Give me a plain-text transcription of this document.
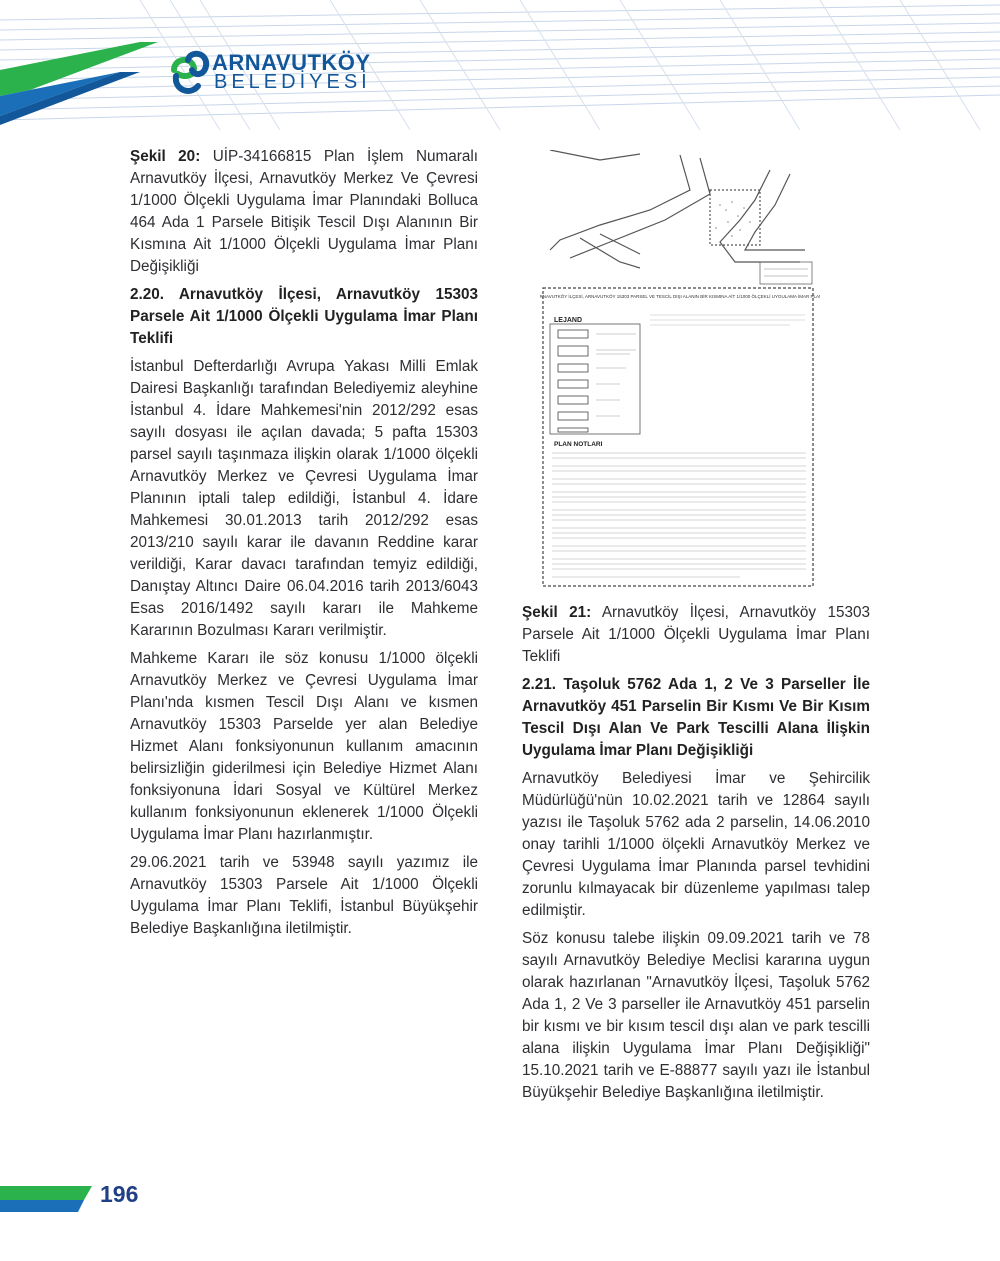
ARNAVUTKÖY
BELEDİYESİ

Şekil 20: UİP-34166815 Plan İşlem Numaralı Arnavutköy İlçesi, Arnavutköy Merkez Ve Çevresi 1/1000 Ölçekli Uygulama İmar Planındaki Bolluca 464 Ada 1 Parsele Bitişik Tescil Dışı Alanının Bir Kısmına Ait 1/1000 Ölçekli Uygulama İmar Planı Değişikliği

2.20. Arnavutköy İlçesi, Arnavutköy 15303 Parsele Ait 1/1000 Ölçekli Uygulama İmar Planı Teklifi

İstanbul Defterdarlığı Avrupa Yakası Milli Emlak Dairesi Başkanlığı tarafından Belediyemiz aleyhine İstanbul 4. İdare Mahkemesi'nin 2012/292 esas sayılı dosyası ile açılan davada; 5 pafta 15303 parsel sayılı taşınmaza ilişkin olarak 1/1000 ölçekli Arnavutköy Merkez ve Çevresi Uygulama İmar Planının iptali talep edildiği, İstanbul 4. İdare Mahkemesi 30.01.2013 tarih 2012/292 esas 2013/210 sayılı karar ile davanın Reddine karar verildiği, Karar davacı tarafından temyiz edildiği, Danıştay Altıncı Daire 06.04.2016 tarih 2013/6043 Esas 2016/1492 sayılı kararı ile Mahkeme Kararının Bozulması Kararı verilmiştir.

Mahkeme Kararı ile söz konusu 1/1000 ölçekli Arnavutköy Merkez ve Çevresi Uygulama İmar Planı'nda kısmen Tescil Dışı Alanı ve kısmen Arnavutköy 15303 Parselde yer alan Belediye Hizmet Alanı fonksiyonunun kullanım amacının belirsizliğin giderilmesi için Belediye Hizmet Alanı fonksiyonuna İdari Sosyal ve Kültürel Merkez kullanım fonksiyonunun eklenerek 1/1000 Ölçekli Uygulama İmar Planı hazırlanmıştır.

29.06.2021 tarih ve 53948 sayılı yazımız ile Arnavutköy 15303 Parsele Ait 1/1000 Ölçekli Uygulama İmar Planı Teklifi, İstanbul Büyükşehir Belediye Başkanlığına iletilmiştir.

ARNAVUTKÖY İLÇESİ, ARNAVUTKÖY 15303 PARSEL VE TESCİL DIŞI ALANIN BİR KISMINA AİT 1/1000 ÖLÇEKLİ UYGULAMA İMAR PLANI
LEJAND
PLAN NOTLARI

Şekil 21: Arnavutköy İlçesi, Arnavutköy 15303 Parsele Ait 1/1000 Ölçekli Uygulama İmar Planı Teklifi

2.21. Taşoluk 5762 Ada 1, 2 Ve 3 Parseller İle Arnavutköy 451 Parselin Bir Kısmı Ve Bir Kısım Tescil Dışı Alan Ve Park Tescilli Alana İlişkin Uygulama İmar Planı Değişikliği

Arnavutköy Belediyesi İmar ve Şehircilik Müdürlüğü'nün 10.02.2021 tarih ve 12864 sayılı yazısı ile Taşoluk 5762 ada 2 parselin, 14.06.2010 onay tarihli 1/1000 ölçekli Arnavutköy Merkez ve Çevresi Uygulama İmar Planında parsel tevhidini zorunlu kılmayacak bir düzenleme yapılması talep edilmiştir.

Söz konusu talebe ilişkin 09.09.2021 tarih ve 78 sayılı Arnavutköy Belediye Meclisi kararına uygun olarak hazırlanan "Arnavutköy İlçesi, Taşoluk 5762 Ada 1, 2 Ve 3 parseller ile Arnavutköy 451 parselin bir kısmı ve bir kısım tescil dışı alan ve park tescilli alana ilişkin Uygulama İmar Planı Değişikliği" 15.10.2021 tarih ve E-88877 sayılı yazı ile İstanbul Büyükşehir Belediye Başkanlığına iletilmiştir.

196
